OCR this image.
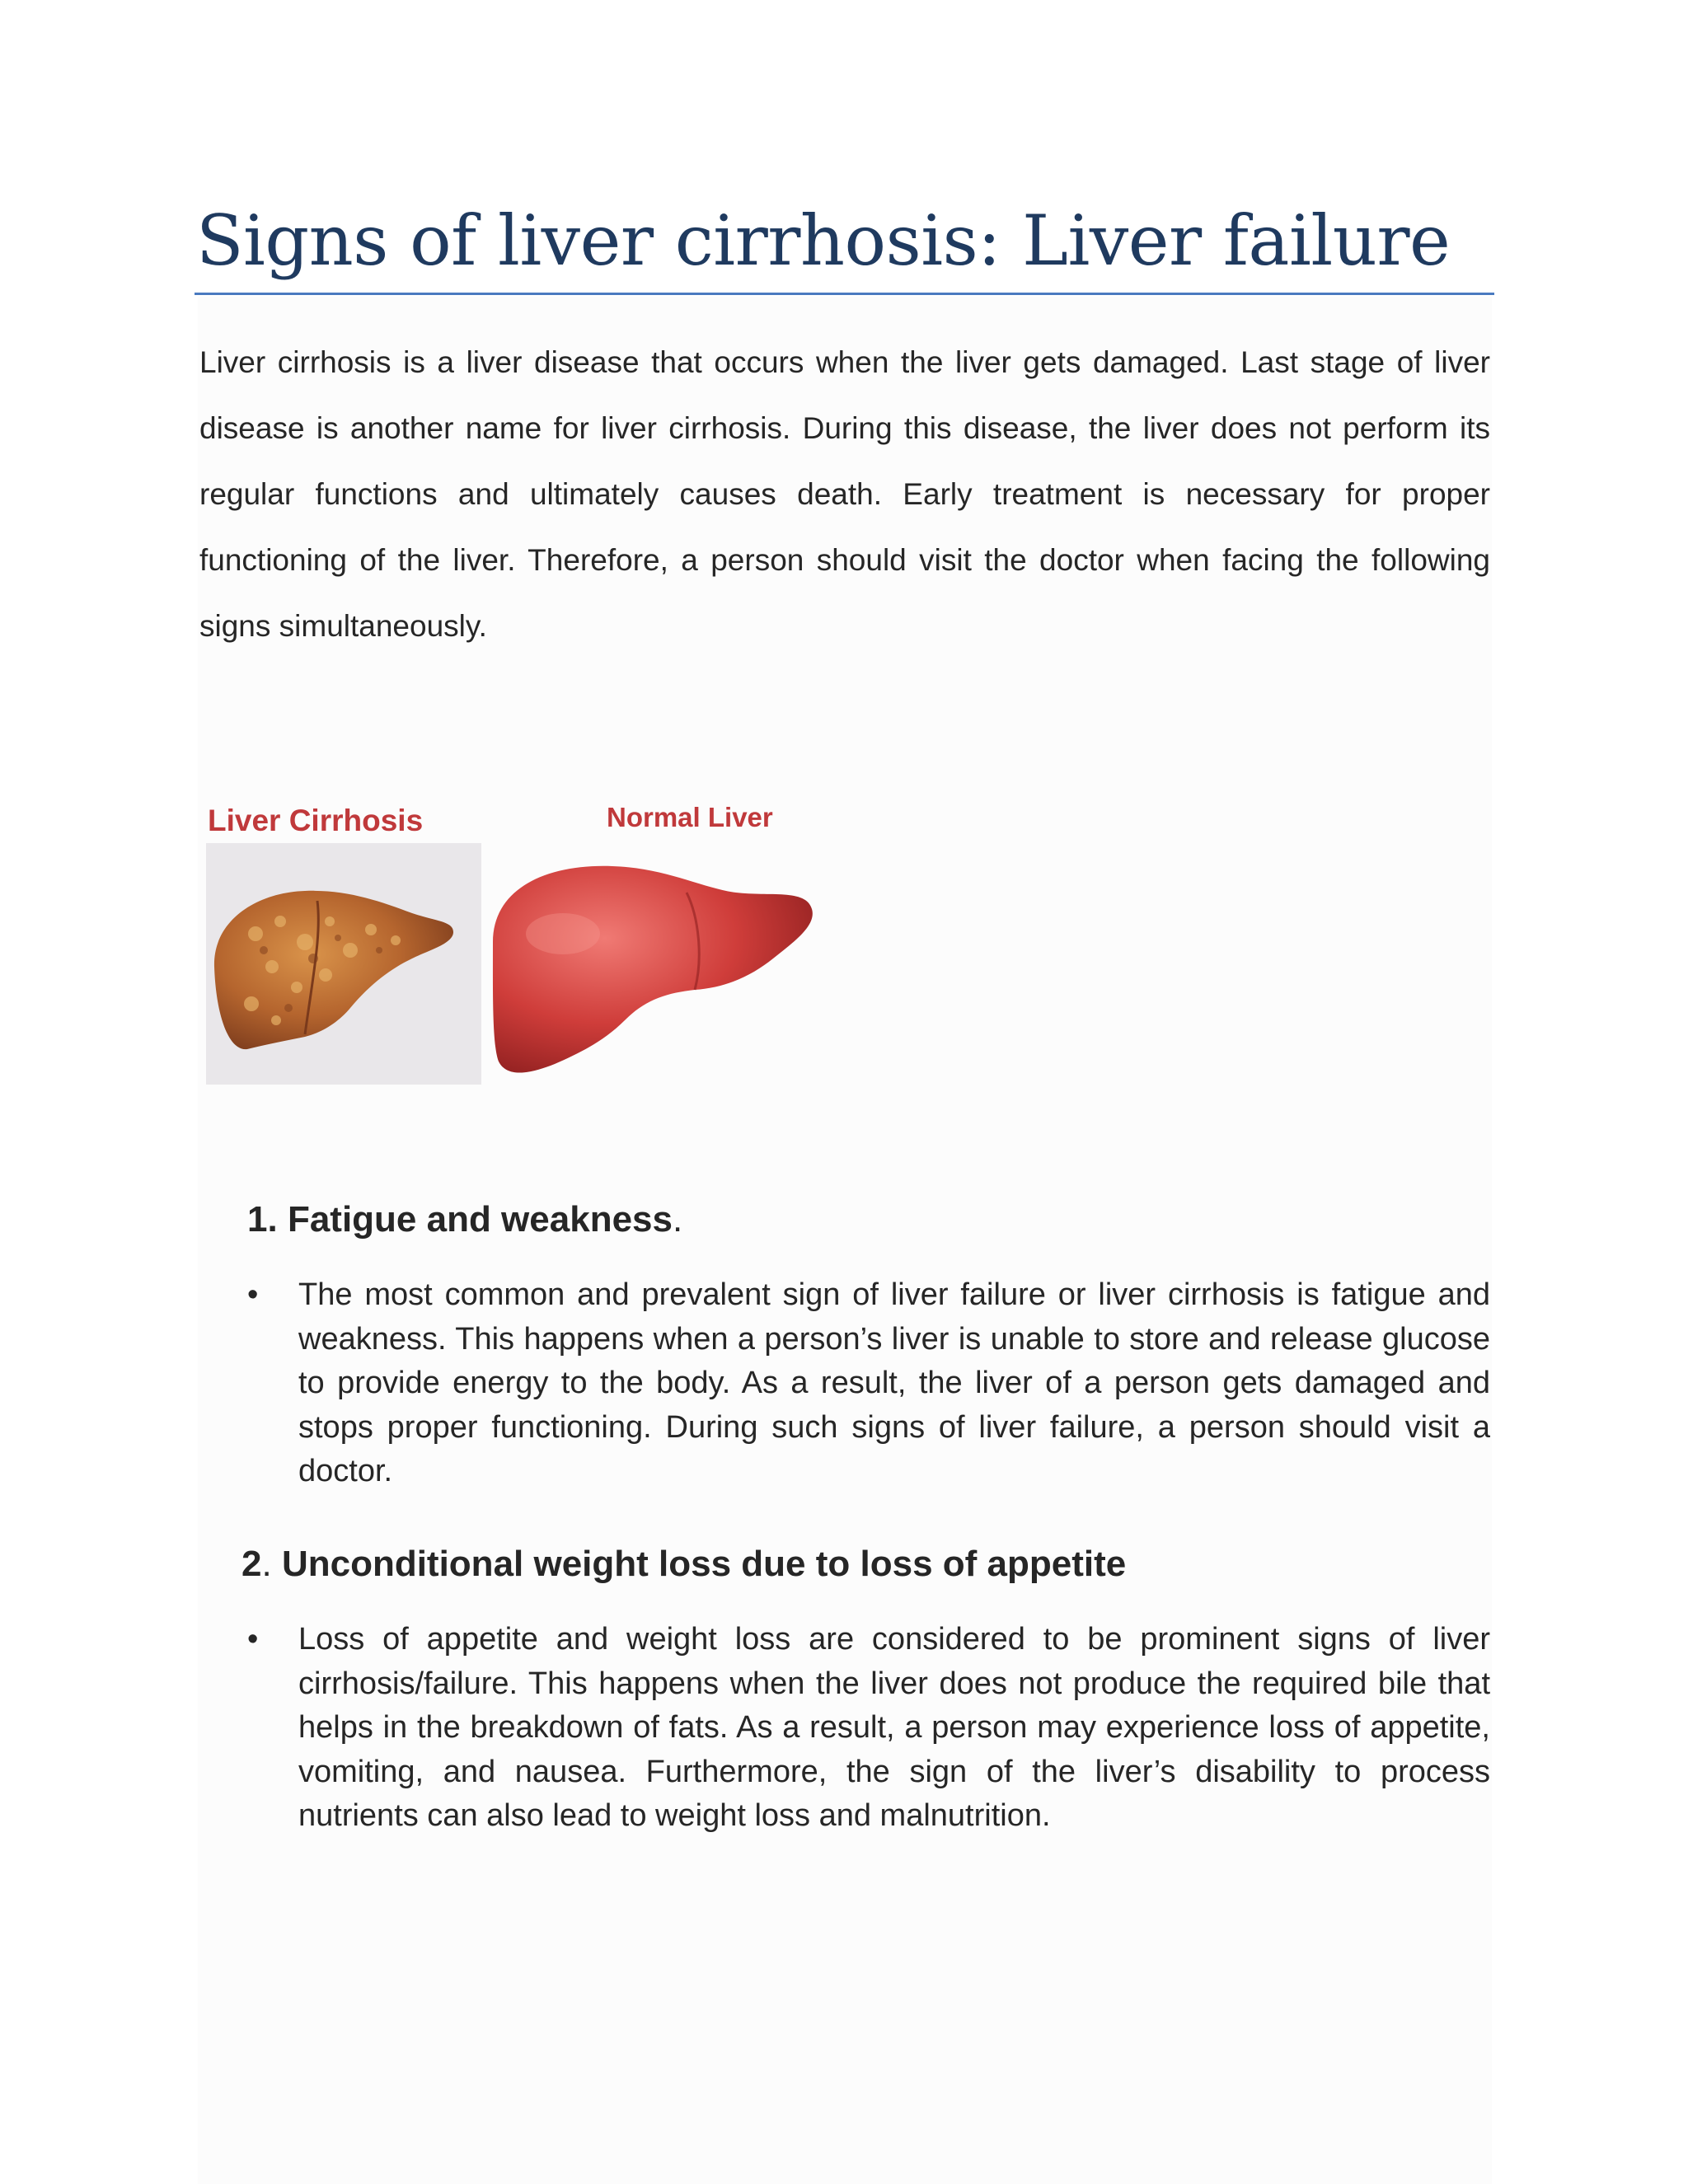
Signs of liver cirrhosis: Liver failure

Liver cirrhosis is a liver disease that occurs when the liver gets damaged. Last stage of liver disease is another name for liver cirrhosis. During this disease, the liver does not perform its regular functions and ultimately causes death. Early treatment is necessary for proper functioning of the liver. Therefore, a person should visit the doctor when facing the following signs simultaneously.

Liver Cirrhosis	Normal Liver
1. Fatigue and weakness.
• The most common and prevalent sign of liver failure or liver cirrhosis is fatigue and weakness. This happens when a person’s liver is unable to store and release glucose to provide energy to the body. As a result, the liver of a person gets damaged and stops proper functioning. During such signs of liver failure, a person should visit a doctor.

2. Unconditional weight loss due to loss of appetite
• Loss of appetite and weight loss are considered to be prominent signs of liver cirrhosis/failure. This happens when the liver does not produce the required bile that helps in the breakdown of fats. As a result, a person may experience loss of appetite, vomiting, and nausea. Furthermore, the sign of the liver’s disability to process nutrients can also lead to weight loss and malnutrition.
